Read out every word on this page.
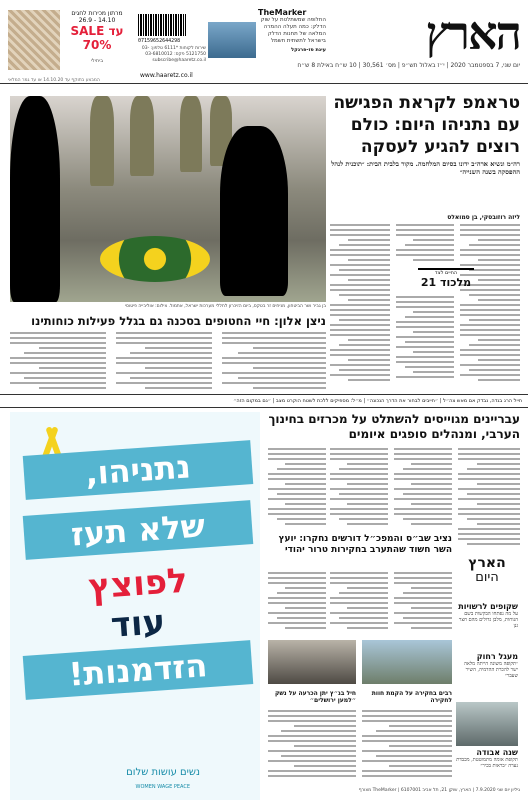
הארץ
יום שני, 7 בספטמבר 2020 | י״ז באלול תש״פ | מס׳ 30,561 | 10 ש״ח באילת 8 ש״ח
TheMarker
החלופה שמשתלטת על שוק הדלק: כמה תעלה ההמרה המלאה של תחנות הדלק בישראל לתשתית חשמל
עינת פז-פרנקל
07159652644298
שירות לקוחות *6111 טלפון: 03-5121750 פקס: 03-6810012 subscribe@haaretz.co.il
www.haaretz.co.il
מרתון מכירות לחגים 14.10 - 26.9
SALE עד 70%
ביתילי
המבצע בתוקף עד 14.10.20 או עד גמר המלאי
טראמפ לקראת הפגישה עם נתניהו היום: כולם רוצים להגיע לעסקה
רה״מ ונשיא ארה״ב ידונו בסיום המלחמה. מקור בלבית הבית: ״תוכנית לנהל ההפסקה בשנה השנייה״
בן גביר ושר הביטחון, מניחים זר בטקס, ביום הזיכרון לחללי מערכות ישראל, אתמול. צילום: אוליבייה פיטוסי
ליזה רוזובסקי, בן סמואלס
החיים לצד
מלכוד 21
ניצן אלון: חיי החטופים בסכנה גם בגלל פעילות כוחותינו
חייל הרג בגדה, נבדק אם מאש צה״ל | ״חייבים לבחור את הדרך הנכונה״ | מ״ל: מספיקים ללכת לשטח הוקרט מצב | ״גם במקום הזה״
עבריינים מגוייסים להשתלט על מכרזים בחינוך הערבי, ומנהלים סופגים איומים
נתניהו,
שלא תעז
לפוצץ
עוד
הזדמנות!
נשים עושות שלום
WOMEN WAGE PEACE
הארץ
היום
שקופים לרשויות
על מה נפתחו הבקשות בשם הנוחות, מלבן גדולים מהם חצר גנן
מעגל רחוק
״תקופה משונה הייתה מלאה ישר להכרת ההדמיה, השיר שעבר״
שנה אבודה
תקופת אומה מתמוטטת, מכבדת נערה ״בראות בכיר״
נציב שב״ס והמפכ״ל דורשים נחקרו: יועץ השר חשוד שהתערב בחקירות טרור יהודי
חיל בג״ץ יתן הכרעה על נשק ״למען ירושלים״
רבים בחקירה על הקמת חוות לחקירה
גיליון יום שני 7.9.2020 | הארץ, שוקן 21, תל אביב 6107001 | TheMarker מצורף
